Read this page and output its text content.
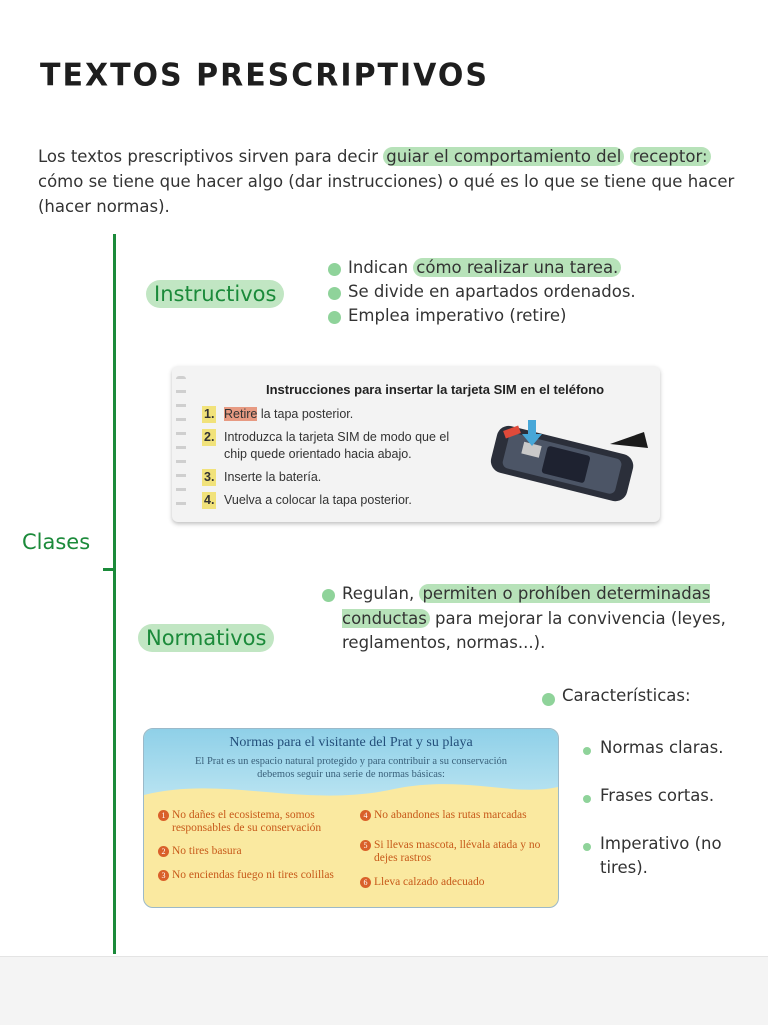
TEXTOS PRESCRIPTIVOS

Los textos prescriptivos sirven para decir guiar el comportamiento del receptor: cómo se tiene que hacer algo (dar instrucciones) o qué es lo que se tiene que hacer (hacer normas).

Clases
Instructivos
Indican cómo realizar una tarea.
Se divide en apartados ordenados.
Emplea imperativo (retire)
Instrucciones para insertar la tarjeta SIM en el teléfono
1. Retire la tapa posterior.
2. Introduzca la tarjeta SIM de modo que el chip quede orientado hacia abajo.
3. Inserte la batería.
4. Vuelva a colocar la tapa posterior.
Normativos
Regulan, permiten o prohíben determinadas conductas para mejorar la convivencia (leyes, reglamentos, normas...).
Características:
Normas claras.
Frases cortas.
Imperativo (no tires).
Normas para el visitante del Prat y su playa
El Prat es un espacio natural protegido y para contribuir a su conservación debemos seguir una serie de normas básicas:
1 No dañes el ecosistema, somos responsables de su conservación
2 No tires basura
3 No enciendas fuego ni tires colillas
4 No abandones las rutas marcadas
5 Si llevas mascota, llévala atada y no dejes rastros
6 Lleva calzado adecuado
